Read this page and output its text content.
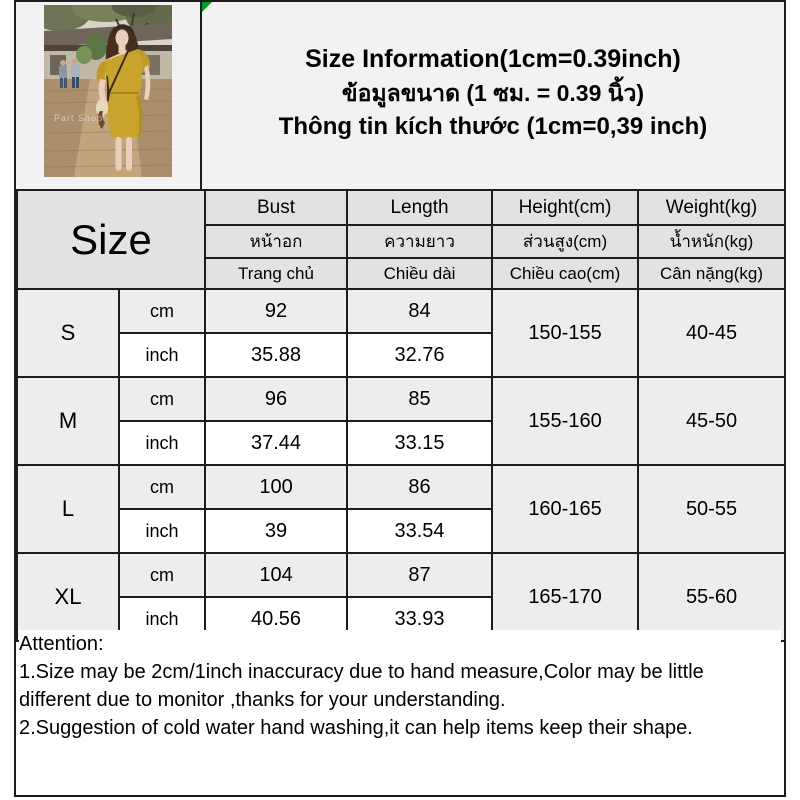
Part Shop
Size Information(1cm=0.39inch)
ข้อมูลขนาด (1 ซม. = 0.39 นิ้ว)
Thông tin kích thước (1cm=0,39 inch)
Size		Bust	Length	Height(cm)	Weight(kg)
		หน้าอก	ความยาว	ส่วนสูง(cm)	น้ำหนัก(kg)
		Trang chủ	Chiều dài	Chiều cao(cm)	Cân nặng(kg)
S	cm	92	84	150-155	40-45
	inch	35.88	32.76		
M	cm	96	85	155-160	45-50
	inch	37.44	33.15		
L	cm	100	86	160-165	50-55
	inch	39	33.54		
XL	cm	104	87	165-170	55-60
	inch	40.56	33.93		
Attention:
1.Size may be 2cm/1inch inaccuracy due to hand measure,Color may be little different due to monitor ,thanks for your understanding.
2.Suggestion of cold water hand washing,it can help items keep their shape.
